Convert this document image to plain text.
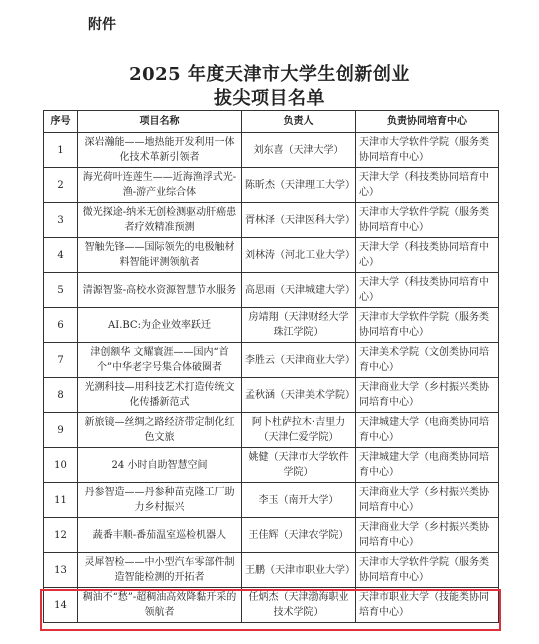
附件
2025 年度天津市大学生创新创业
拔尖项目名单
序号	项目名称	负责人	负责协同培育中心
1	深岩瀚能——地热能开发利用一体化技术革新引领者	刘东喜（天津大学）	天津市大学软件学院（服务类协同培育中心）
2	海光荷叶连莲生——近海渔浮式光-渔-游产业综合体	陈昕杰（天津理工大学）	天津大学（科技类协同培育中心）
3	微光探途-纳米无创检测驱动肝癌患者疗效精准预测	胥林泽（天津医科大学）	天津市大学软件学院（服务类协同培育中心）
4	智触先锋——国际领先的电极触材料智能评测领航者	刘林涛（河北工业大学）	天津大学（科技类协同培育中心）
5	清源智鉴-高校水资源智慧节水服务	高思雨（天津城建大学）	天津大学（科技类协同培育中心）
6	AI.BC:为企业效率跃迁	房靖翔（天津财经大学珠江学院）	天津市大学软件学院（服务类协同培育中心）
7	津创额华 文耀寰涯——国内“首个”中华老字号集合体破圈者	李胜云（天津商业大学）	天津美术学院（文创类协同培育中心）
8	光溯科技—用科技艺术打造传统文化传播新范式	孟秋涵（天津美术学院）	天津商业大学（乡村振兴类协同培育中心）
9	新旅镜—丝绸之路经济带定制化红色文旅	阿卜杜萨拉木·吉里力（天津仁爱学院）	天津城建大学（电商类协同培育中心）
10	24 小时自助智慧空间	姚健（天津市大学软件学院）	天津城建大学（电商类协同培育中心）
11	丹参智造——丹参种苗克隆工厂助力乡村振兴	李玉（南开大学）	天津商业大学（乡村振兴类协同培育中心）
12	蔬番丰顺-番茄温室巡检机器人	王佳辉（天津农学院）	天津商业大学（乡村振兴类协同培育中心）
13	灵犀智检——中小型汽车零部件制造智能检测的开拓者	王鹏（天津市职业大学）	天津市大学软件学院（服务类协同培育中心）
14	稠油不“愁”-超稠油高效降黏开采的领航者	任炳杰（天津渤海职业技术学院）	天津市职业大学（技能类协同培育中心）
